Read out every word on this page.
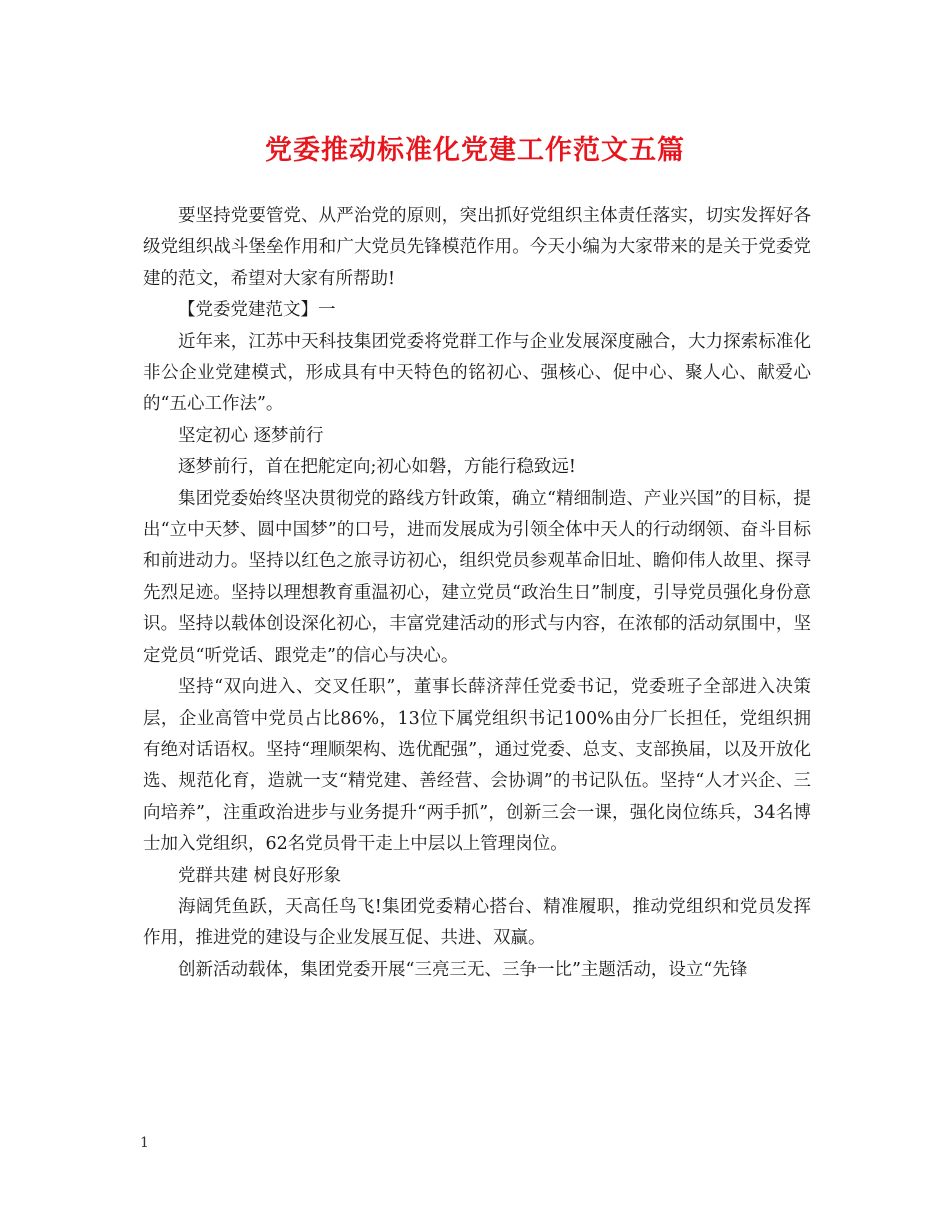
党委推动标准化党建工作范文五篇

要坚持党要管党、从严治党的原则，突出抓好党组织主体责任落实，切实发挥好各级党组织战斗堡垒作用和广大党员先锋模范作用。今天小编为大家带来的是关于党委党建的范文，希望对大家有所帮助!

【党委党建范文】一

近年来，江苏中天科技集团党委将党群工作与企业发展深度融合，大力探索标准化非公企业党建模式，形成具有中天特色的铭初心、强核心、促中心、聚人心、献爱心的“五心工作法”。

坚定初心 逐梦前行

逐梦前行，首在把舵定向;初心如磐，方能行稳致远!

集团党委始终坚决贯彻党的路线方针政策，确立“精细制造、产业兴国”的目标，提出“立中天梦、圆中国梦”的口号，进而发展成为引领全体中天人的行动纲领、奋斗目标和前进动力。坚持以红色之旅寻访初心，组织党员参观革命旧址、瞻仰伟人故里、探寻先烈足迹。坚持以理想教育重温初心，建立党员“政治生日”制度，引导党员强化身份意识。坚持以载体创设深化初心，丰富党建活动的形式与内容，在浓郁的活动氛围中，坚定党员“听党话、跟党走”的信心与决心。

坚持“双向进入、交叉任职”，董事长薛济萍任党委书记，党委班子全部进入决策层，企业高管中党员占比86%，13位下属党组织书记100%由分厂长担任，党组织拥有绝对话语权。坚持“理顺架构、选优配强”，通过党委、总支、支部换届，以及开放化选、规范化育，造就一支“精党建、善经营、会协调”的书记队伍。坚持“人才兴企、三向培养”，注重政治进步与业务提升“两手抓”，创新三会一课，强化岗位练兵，34名博士加入党组织，62名党员骨干走上中层以上管理岗位。

党群共建 树良好形象

海阔凭鱼跃，天高任鸟飞!集团党委精心搭台、精准履职，推动党组织和党员发挥作用，推进党的建设与企业发展互促、共进、双赢。

创新活动载体，集团党委开展“三亮三无、三争一比”主题活动，设立“先锋

1
